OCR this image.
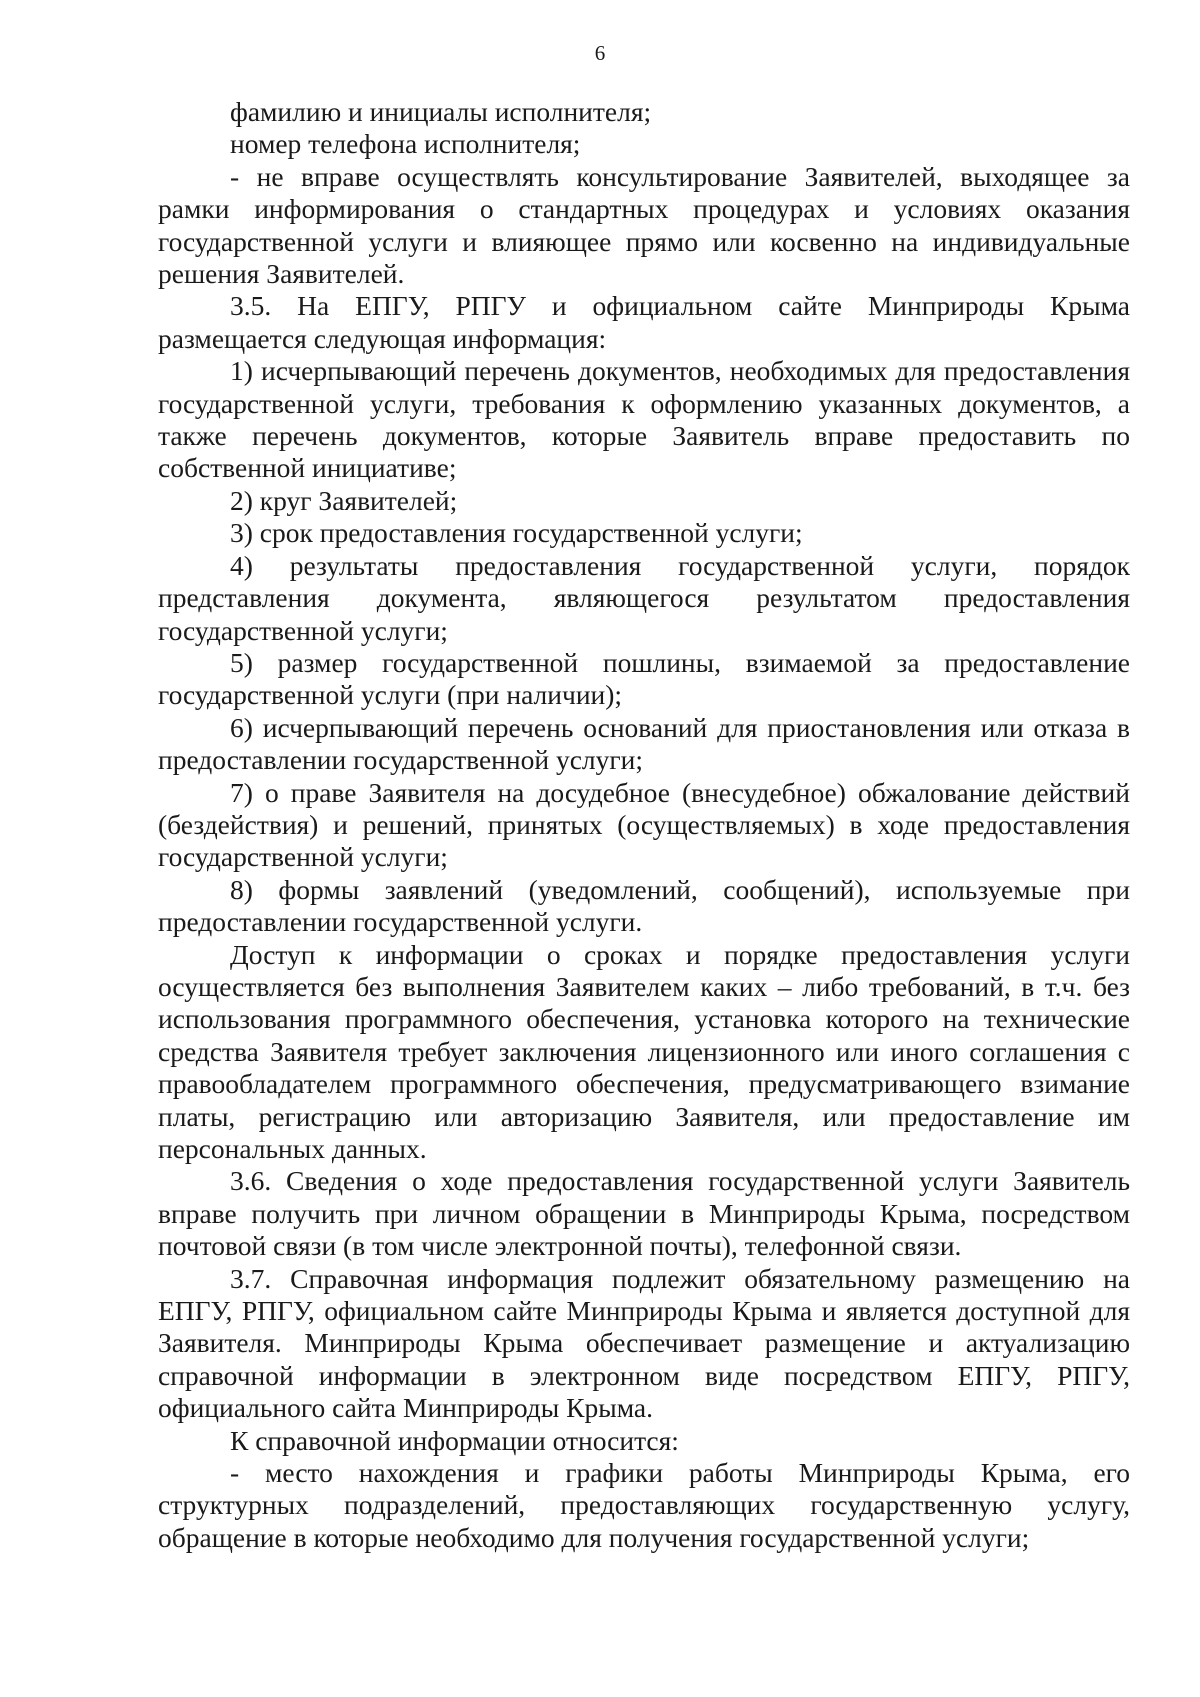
6

фамилию и инициалы исполнителя;

номер телефона исполнителя;

- не вправе осуществлять консультирование Заявителей, выходящее за рамки информирования о стандартных процедурах и условиях оказания государственной услуги и влияющее прямо или косвенно на индивидуальные решения Заявителей.

3.5. На ЕПГУ, РПГУ и официальном сайте Минприроды Крыма размещается следующая информация:

1) исчерпывающий перечень документов, необходимых для предоставления государственной услуги, требования к оформлению указанных документов, а также перечень документов, которые Заявитель вправе предоставить по собственной инициативе;

2) круг Заявителей;

3) срок предоставления государственной услуги;

4) результаты предоставления государственной услуги, порядок представления документа, являющегося результатом предоставления государственной услуги;

5) размер государственной пошлины, взимаемой за предоставление государственной услуги (при наличии);

6) исчерпывающий перечень оснований для приостановления или отказа в предоставлении государственной услуги;

7) о праве Заявителя на досудебное (внесудебное) обжалование действий (бездействия) и решений, принятых (осуществляемых) в ходе предоставления государственной услуги;

8) формы заявлений (уведомлений, сообщений), используемые при предоставлении государственной услуги.

Доступ к информации о сроках и порядке предоставления услуги осуществляется без выполнения Заявителем каких – либо требований, в т.ч. без использования программного обеспечения, установка которого на технические средства Заявителя требует заключения лицензионного или иного соглашения с правообладателем программного обеспечения, предусматривающего взимание платы, регистрацию или авторизацию Заявителя, или предоставление им персональных данных.

3.6. Сведения о ходе предоставления государственной услуги Заявитель вправе получить при личном обращении в Минприроды Крыма, посредством почтовой связи (в том числе электронной почты), телефонной связи.

3.7. Справочная информация подлежит обязательному размещению на ЕПГУ, РПГУ, официальном сайте Минприроды Крыма и является доступной для Заявителя. Минприроды Крыма обеспечивает размещение и актуализацию справочной информации в электронном виде посредством ЕПГУ, РПГУ, официального сайта Минприроды Крыма.

К справочной информации относится:

- место нахождения и графики работы Минприроды Крыма, его структурных подразделений, предоставляющих государственную услугу, обращение в которые необходимо для получения государственной услуги;
